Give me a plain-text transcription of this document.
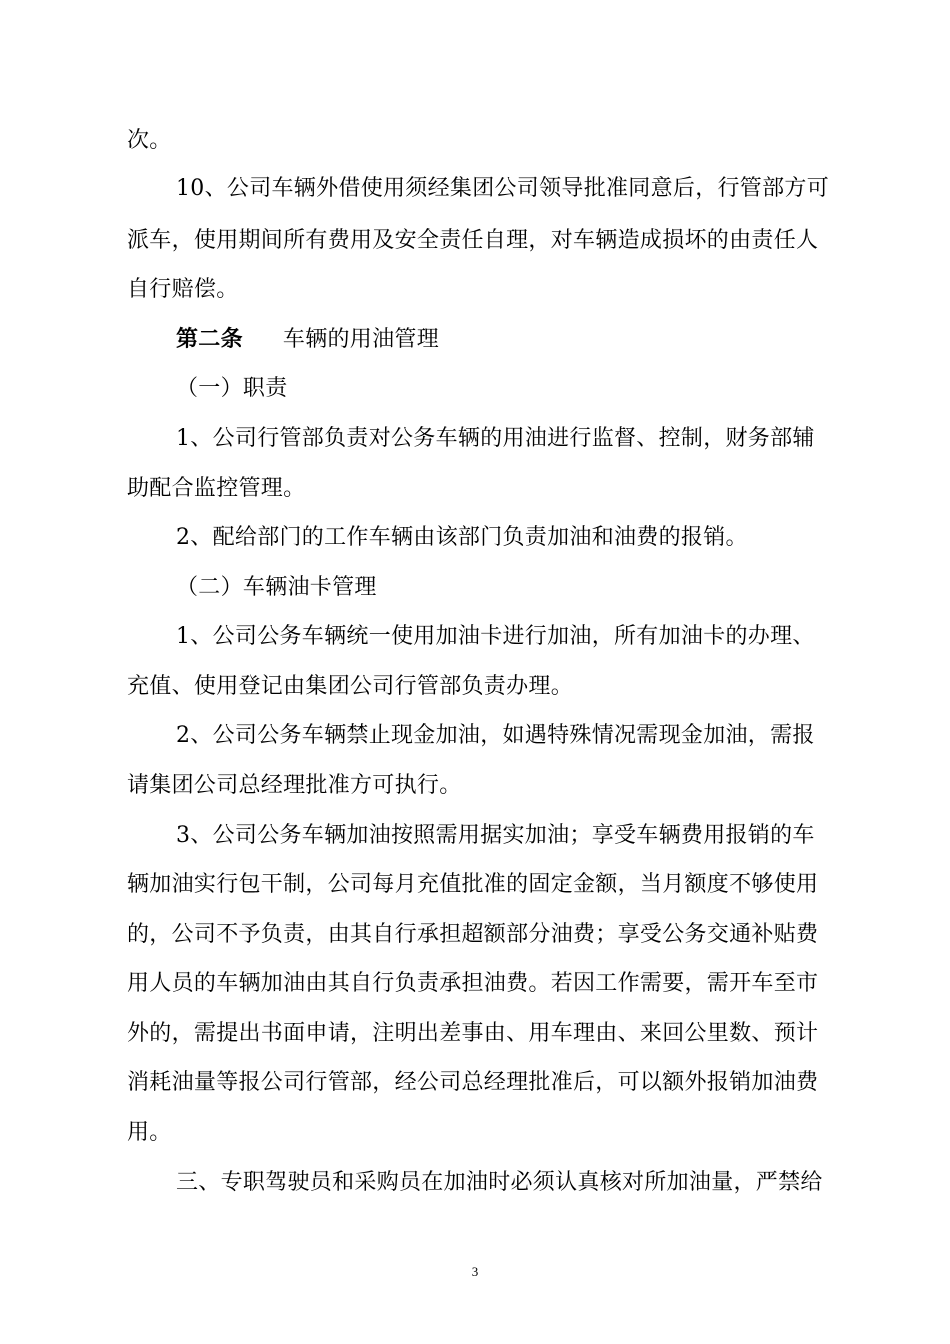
次。
10、公司车辆外借使用须经集团公司领导批准同意后，行管部方可
派车，使用期间所有费用及安全责任自理，对车辆造成损坏的由责任人
自行赔偿。
第二条 车辆的用油管理
（一）职责
1、公司行管部负责对公务车辆的用油进行监督、控制，财务部辅
助配合监控管理。
2、配给部门的工作车辆由该部门负责加油和油费的报销。
（二）车辆油卡管理
1、公司公务车辆统一使用加油卡进行加油，所有加油卡的办理、
充值、使用登记由集团公司行管部负责办理。
2、公司公务车辆禁止现金加油，如遇特殊情况需现金加油，需报
请集团公司总经理批准方可执行。
3、公司公务车辆加油按照需用据实加油；享受车辆费用报销的车
辆加油实行包干制，公司每月充值批准的固定金额，当月额度不够使用
的，公司不予负责，由其自行承担超额部分油费；享受公务交通补贴费
用人员的车辆加油由其自行负责承担油费。若因工作需要，需开车至市
外的，需提出书面申请，注明出差事由、用车理由、来回公里数、预计
消耗油量等报公司行管部，经公司总经理批准后，可以额外报销加油费
用。
三、专职驾驶员和采购员在加油时必须认真核对所加油量，严禁给
3
